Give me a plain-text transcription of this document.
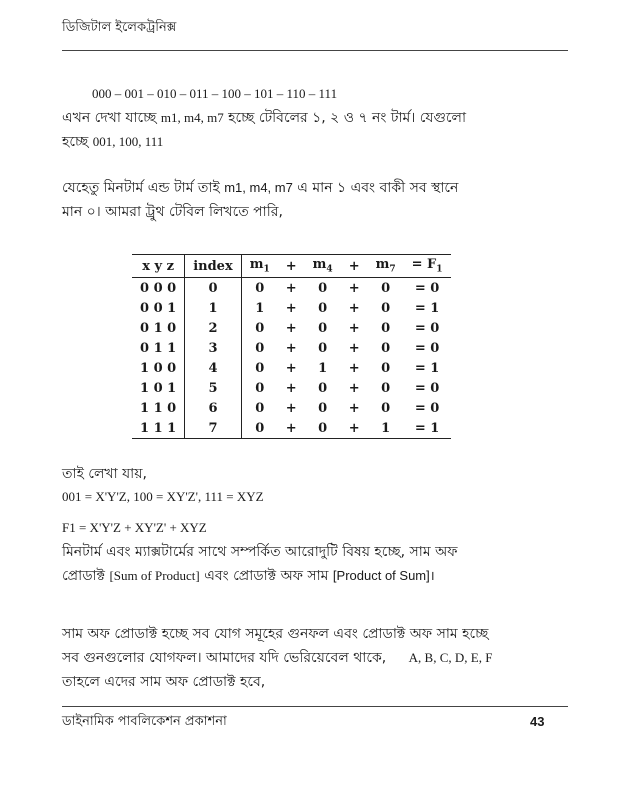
ডিজিটাল ইলেকট্রনিক্স
000 – 001 – 010 – 011 – 100 – 101 – 110 – 111
এখন দেখা যাচ্ছে m1, m4, m7 হচ্ছে টেবিলের ১, ২ ও ৭ নং টার্ম। যেগুলো
হচ্ছে 001, 100, 111
যেহেতু মিনটার্ম এন্ড টার্ম তাই m1, m4, m7 এ মান ১ এবং বাকী সব স্থানে
মান ০। আমরা ট্রুথ টেবিল লিখতে পারি,
x y z	index	$m_1$	+	$m_4$	+	$m_7$	= $F_1$
0 0 0	0	0	+	0	+	0	= 0
0 0 1	1	1	+	0	+	0	= 1
0 1 0	2	0	+	0	+	0	= 0
0 1 1	3	0	+	0	+	0	= 0
1 0 0	4	0	+	1	+	0	= 1
1 0 1	5	0	+	0	+	0	= 0
1 1 0	6	0	+	0	+	0	= 0
1 1 1	7	0	+	0	+	1	= 1
তাই লেখা যায়,
001 = X'Y'Z, 100 = XY'Z', 111 = XYZ
F1 = X'Y'Z + XY'Z' + XYZ
মিনটার্ম এবং ম্যাক্সটার্মের সাথে সম্পর্কিত আরোদুটি বিষয় হচ্ছে, সাম অফ
প্রোডাক্ট [Sum of Product] এবং প্রোডাক্ট অফ সাম [Product of Sum]।
সাম অফ প্রোডাক্ট হচ্ছে সব যোগ সমূহের গুনফল এবং প্রোডাক্ট অফ সাম হচ্ছে
সব গুনগুলোর যোগফল। আমাদের যদি ভেরিয়েবেল থাকে, A, B, C, D, E, F
তাহলে এদের সাম অফ প্রোডাক্ট হবে,
ডাইনামিক পাবলিকেশন প্রকাশনা	43
